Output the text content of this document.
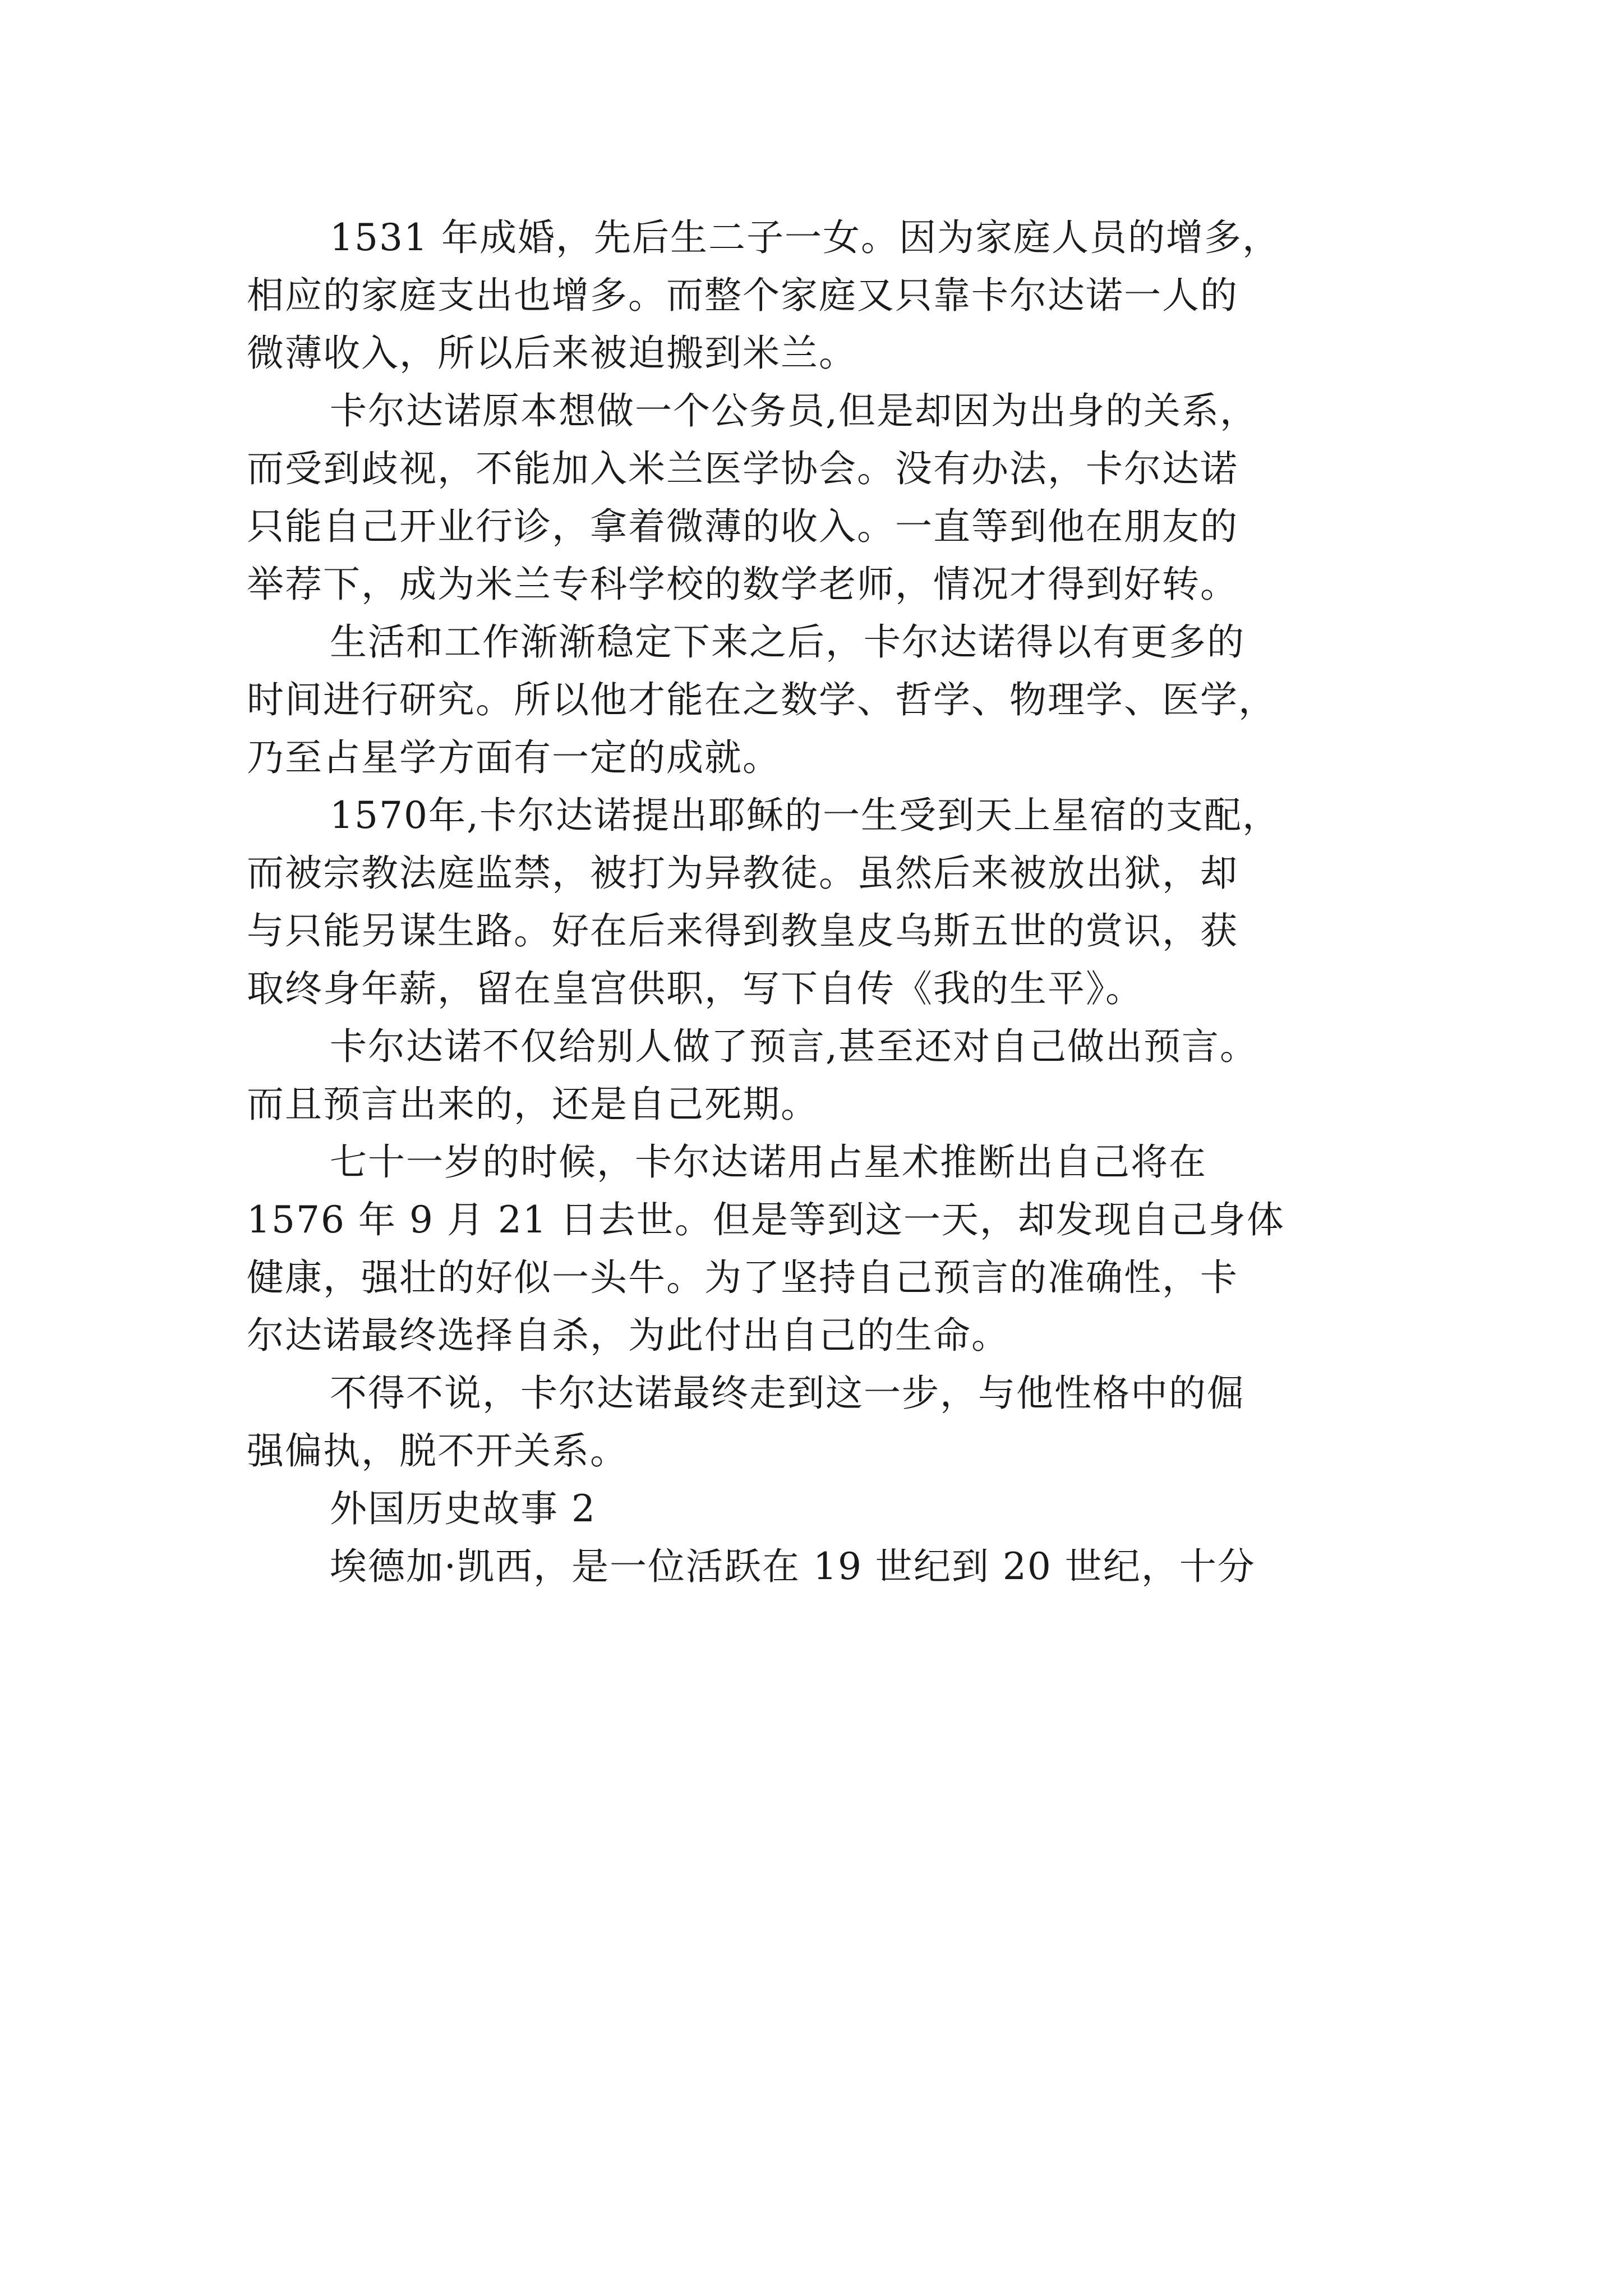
1531 年成婚，先后生二子一女。因为家庭人员的增多，
相应的家庭支出也增多。而整个家庭又只靠卡尔达诺一人的
微薄收入，所以后来被迫搬到米兰。
卡尔达诺原本想做一个公务员,但是却因为出身的关系，
而受到歧视，不能加入米兰医学协会。没有办法，卡尔达诺
只能自己开业行诊，拿着微薄的收入。一直等到他在朋友的
举荐下，成为米兰专科学校的数学老师，情况才得到好转。
生活和工作渐渐稳定下来之后，卡尔达诺得以有更多的
时间进行研究。所以他才能在之数学、哲学、物理学、医学，
乃至占星学方面有一定的成就。
1570年,卡尔达诺提出耶稣的一生受到天上星宿的支配，
而被宗教法庭监禁，被打为异教徒。虽然后来被放出狱，却
与只能另谋生路。好在后来得到教皇皮乌斯五世的赏识，获
取终身年薪，留在皇宫供职，写下自传《我的生平》。
卡尔达诺不仅给别人做了预言,甚至还对自己做出预言。
而且预言出来的，还是自己死期。
七十一岁的时候，卡尔达诺用占星术推断出自己将在
1576 年 9 月 21 日去世。但是等到这一天，却发现自己身体
健康，强壮的好似一头牛。为了坚持自己预言的准确性，卡
尔达诺最终选择自杀，为此付出自己的生命。
不得不说，卡尔达诺最终走到这一步，与他性格中的倔
强偏执，脱不开关系。
外国历史故事 2
埃德加·凯西，是一位活跃在 19 世纪到 20 世纪，十分
